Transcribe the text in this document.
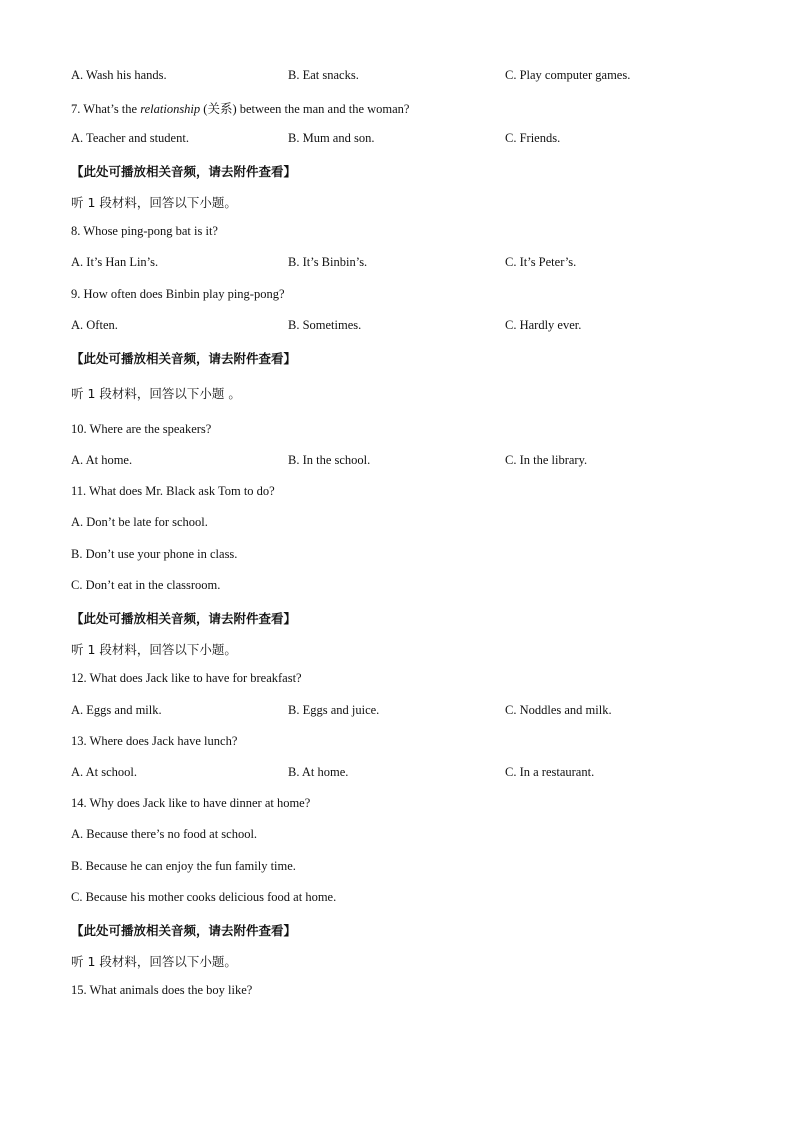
A. Wash his hands.	B. Eat snacks.	C. Play computer games.
7. What’s the relationship (关系) between the man and the woman?
A. Teacher and student.	B. Mum and son.	C. Friends.
【此处可播放相关音频，请去附件查看】
听 1 段材料，回答以下小题。
8. Whose ping-pong bat is it?
A. It’s Han Lin’s.	B. It’s Binbin’s.	C. It’s Peter’s.
9. How often does Binbin play ping-pong?
A. Often.	B. Sometimes.	C. Hardly ever.
【此处可播放相关音频，请去附件查看】
听 1 段材料，回答以下小题 。
10. Where are the speakers?
A. At home.	B. In the school.	C. In the library.
11. What does Mr. Black ask Tom to do?
A. Don’t be late for school.
B. Don’t use your phone in class.
C. Don’t eat in the classroom.
【此处可播放相关音频，请去附件查看】
听 1 段材料，回答以下小题。
12. What does Jack like to have for breakfast?
A. Eggs and milk.	B. Eggs and juice.	C. Noddles and milk.
13. Where does Jack have lunch?
A. At school.	B. At home.	C. In a restaurant.
14. Why does Jack like to have dinner at home?
A. Because there’s no food at school.
B. Because he can enjoy the fun family time.
C. Because his mother cooks delicious food at home.
【此处可播放相关音频，请去附件查看】
听 1 段材料，回答以下小题。
15. What animals does the boy like?
